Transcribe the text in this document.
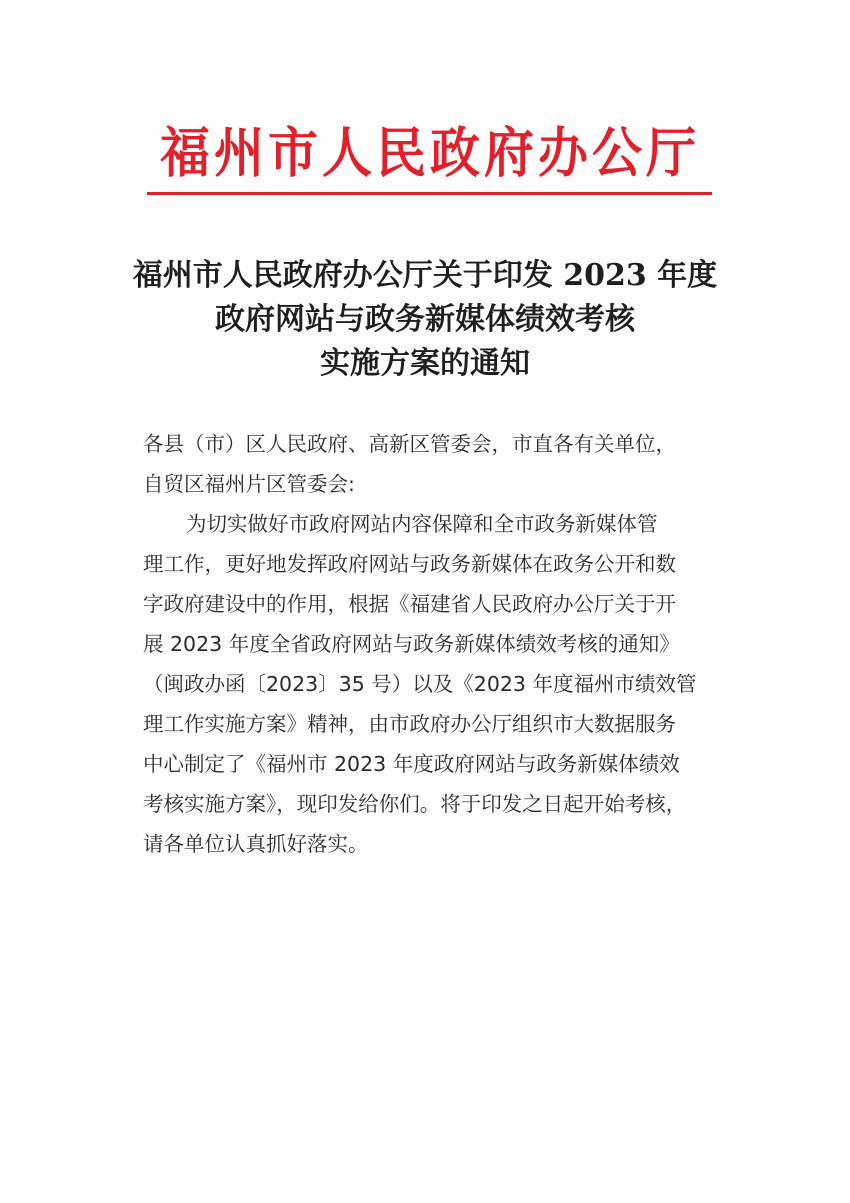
福州市人民政府办公厅
福州市人民政府办公厅关于印发 2023 年度
政府网站与政务新媒体绩效考核
实施方案的通知
各县（市）区人民政府、高新区管委会，市直各有关单位，
自贸区福州片区管委会:
为切实做好市政府网站内容保障和全市政务新媒体管
理工作，更好地发挥政府网站与政务新媒体在政务公开和数
字政府建设中的作用，根据《福建省人民政府办公厅关于开
展 2023 年度全省政府网站与政务新媒体绩效考核的通知》
（闽政办函〔2023〕35 号）以及《2023 年度福州市绩效管
理工作实施方案》精神，由市政府办公厅组织市大数据服务
中心制定了《福州市 2023 年度政府网站与政务新媒体绩效
考核实施方案》，现印发给你们。将于印发之日起开始考核，
请各单位认真抓好落实。
